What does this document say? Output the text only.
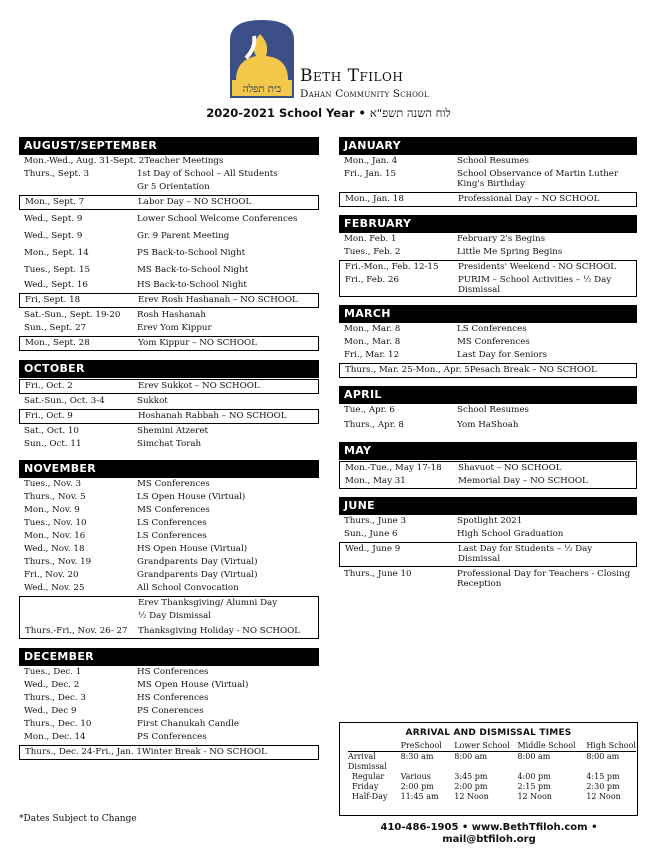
בית תפלה
Beth Tfiloh
Dahan Community School
2020-2021 School Year • לוח השנה תשפ"א
AUGUST/SEPTEMBER
Mon.-Wed., Aug. 31-Sept. 2 Teacher Meetings
Thurs., Sept. 3	1st Day of School – All Students
Gr 5 Orientation
Mon., Sept. 7	Labor Day – NO SCHOOL
Wed., Sept. 9	Lower School Welcome Conferences
Wed., Sept. 9	Gr. 9 Parent Meeting
Mon., Sept. 14	PS Back-to-School Night
Tues., Sept. 15	MS Back-to-School Night
Wed., Sept. 16	HS Back-to-School Night
Fri, Sept. 18	Erev Rosh Hashanah – NO SCHOOL
Sat.-Sun., Sept. 19-20	Rosh Hashanah
Sun., Sept. 27	Erev Yom Kippur
Mon., Sept. 28	Yom Kippur – NO SCHOOL
OCTOBER
Fri., Oct. 2	Erev Sukkot – NO SCHOOL
Sat.-Sun., Oct. 3-4	Sukkot
Fri., Oct. 9	Hoshanah Rabbah – NO SCHOOL
Sat., Oct. 10	Shemini Atzeret
Sun., Oct. 11	Simchat Torah
NOVEMBER
Tues., Nov. 3	MS Conferences
Thurs., Nov. 5	LS Open House (Virtual)
Mon., Nov. 9	MS Conferences
Tues., Nov. 10	LS Conferences
Mon., Nov. 16	LS Conferences
Wed., Nov. 18	HS Open House (Virtual)
Thurs., Nov. 19	Grandparents Day (Virtual)
Fri., Nov. 20	Grandparents Day (Virtual)
Wed., Nov. 25	All School Convocation
Erev Thanksgiving/ Alumni Day
½ Day Dismissal
Thurs.-Fri., Nov. 26- 27	Thanksgiving Holiday - NO SCHOOL
DECEMBER
Tues., Dec. 1	HS Conferences
Wed., Dec. 2	MS Open House (Virtual)
Thurs., Dec. 3	HS Conferences
Wed., Dec 9	PS Conerences
Thurs., Dec. 10	First Chanukah Candle
Mon., Dec. 14	PS Conferences
Thurs., Dec. 24-Fri., Jan. 1 Winter Break - NO SCHOOL
JANUARY
Mon., Jan. 4	School Resumes
Fri., Jan. 15	School Observance of Martin Luther King's Birthday
Mon., Jan. 18	Professional Day – NO SCHOOL
FEBRUARY
Mon. Feb. 1	February 2's Begins
Tues., Feb. 2	Little Me Spring Begins
Fri.-Mon., Feb. 12-15	Presidents' Weekend - NO SCHOOL
Fri., Feb. 26	PURIM – School Activities – ½ Day Dismissal
MARCH
Mon., Mar. 8	LS Conferences
Mon., Mar. 8	MS Conferences
Fri., Mar. 12	Last Day for Seniors
Thurs., Mar. 25-Mon., Apr. 5 Pesach Break – NO SCHOOL
APRIL
Tue., Apr. 6	School Resumes
Thurs., Apr. 8	Yom HaShoah
MAY
Mon.-Tue., May 17-18	Shavuot – NO SCHOOL
Mon., May 31	Memorial Day – NO SCHOOL
JUNE
Thurs., June 3	Spotlight 2021
Sun., June 6	High School Graduation
Wed., June 9	Last Day for Students – ½ Day Dismissal
Thurs., June 10	Professional Day for Teachers - Closing Reception
ARRIVAL AND DISMISSAL TIMES
	PreSchool	Lower School	Middle School	High School
Arrival	8:30 am	8:00 am	8:00 am	8:00 am
Dismissal				
Regular	Various	3:45 pm	4:00 pm	4:15 pm
Friday	2:00 pm	2:00 pm	2:15 pm	2:30 pm
Half-Day	11:45 am	12 Noon	12 Noon	12 Noon
*Dates Subject to Change
410-486-1905 • www.BethTfiloh.com • mail@btfiloh.org
